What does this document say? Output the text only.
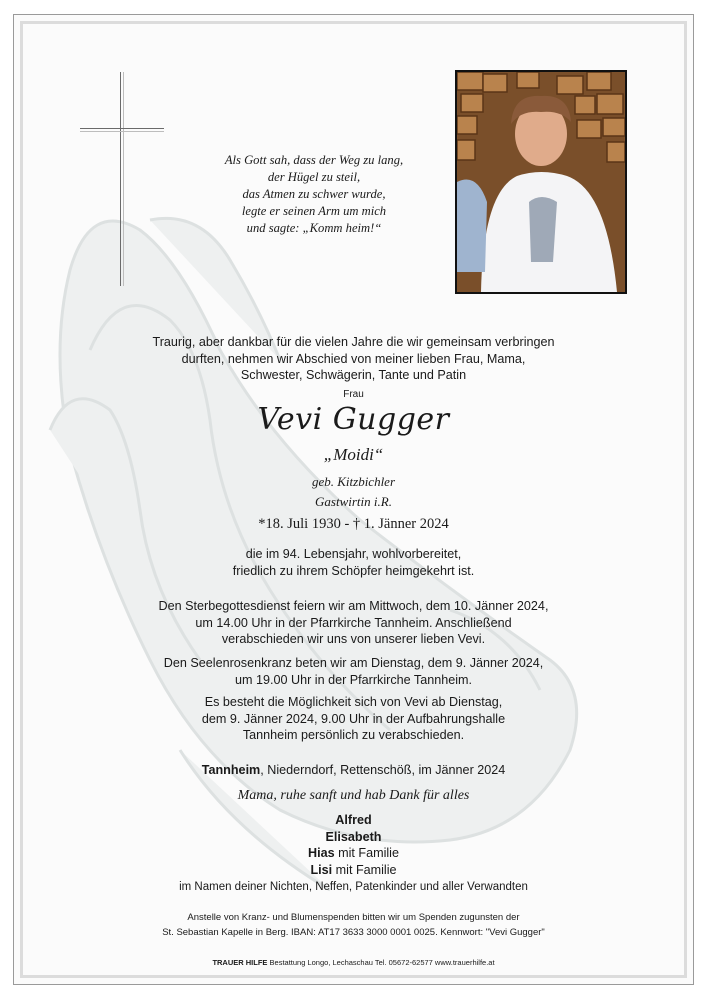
Als Gott sah, dass der Weg zu lang,
der Hügel zu steil,
das Atmen zu schwer wurde,
legte er seinen Arm um mich
und sagte: „Komm heim!“
Traurig, aber dankbar für die vielen Jahre die wir gemeinsam verbringen
durften, nehmen wir Abschied von meiner lieben Frau, Mama,
Schwester, Schwägerin, Tante und Patin
Frau
Vevi Gugger
„Moidi“
geb. Kitzbichler
Gastwirtin i.R.
*18. Juli 1930 - † 1. Jänner 2024
die im 94. Lebensjahr, wohlvorbereitet,
friedlich zu ihrem Schöpfer heimgekehrt ist.
Den Sterbegottesdienst feiern wir am Mittwoch, dem 10. Jänner 2024,
um 14.00 Uhr in der Pfarrkirche Tannheim. Anschließend
verabschieden wir uns von unserer lieben Vevi.
Den Seelenrosenkranz beten wir am Dienstag, dem 9. Jänner 2024,
um 19.00 Uhr in der Pfarrkirche Tannheim.
Es besteht die Möglichkeit sich von Vevi ab Dienstag,
dem 9. Jänner 2024, 9.00 Uhr in der Aufbahrungshalle
Tannheim persönlich zu verabschieden.
Tannheim, Niederndorf, Rettenschöß, im Jänner 2024
Mama, ruhe sanft und hab Dank für alles
Alfred
Elisabeth
Hias mit Familie
Lisi mit Familie
im Namen deiner Nichten, Neffen, Patenkinder und aller Verwandten
Anstelle von Kranz- und Blumenspenden bitten wir um Spenden zugunsten der
St. Sebastian Kapelle in Berg. IBAN: AT17 3633 3000 0001 0025. Kennwort: "Vevi Gugger"
TRAUER HILFE Bestattung Longo, Lechaschau Tel. 05672-62577 www.trauerhilfe.at
